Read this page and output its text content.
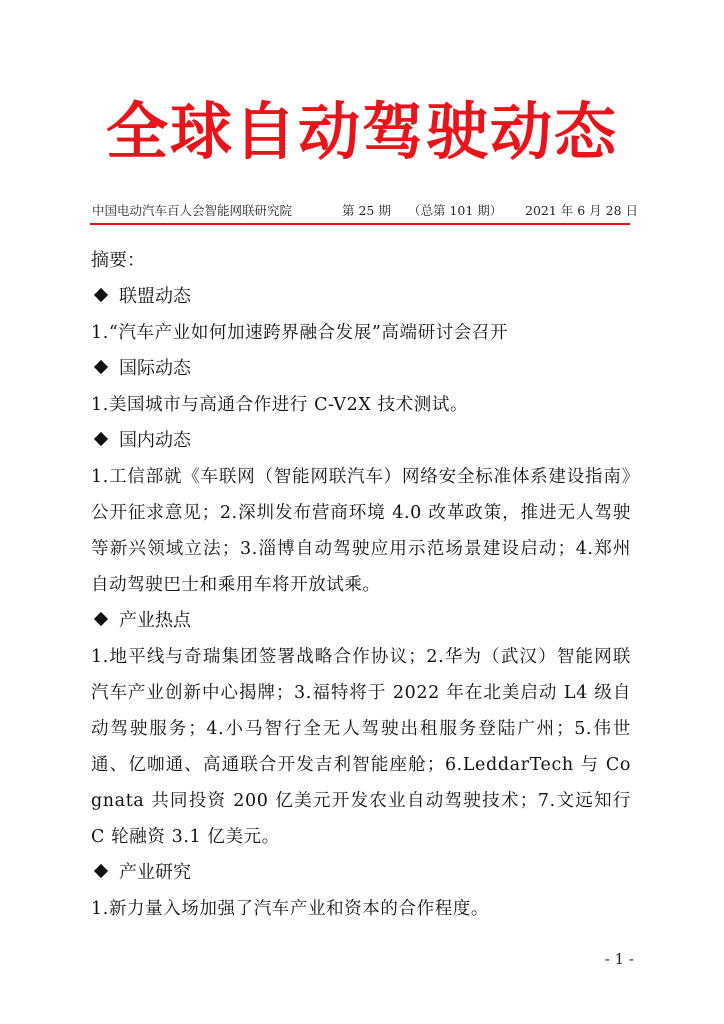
全球自动驾驶动态
中国电动汽车百人会智能网联研究院	第 25 期 （总第 101 期） 2021 年 6 月 28 日

摘要：

联盟动态

1.“汽车产业如何加速跨界融合发展”高端研讨会召开

国际动态

1.美国城市与高通合作进行 C-V2X 技术测试。

国内动态

1.工信部就《车联网（智能网联汽车）网络安全标准体系建设指南》公开征求意见；2.深圳发布营商环境 4.0 改革政策，推进无人驾驶等新兴领域立法；3.淄博自动驾驶应用示范场景建设启动；4.郑州自动驾驶巴士和乘用车将开放试乘。

产业热点

1.地平线与奇瑞集团签署战略合作协议；2.华为（武汉）智能网联汽车产业创新中心揭牌；3.福特将于 2022 年在北美启动 L4 级自动驾驶服务；4.小马智行全无人驾驶出租服务登陆广州；5.伟世通、亿咖通、高通联合开发吉利智能座舱；6.LeddarTech 与 Cognata 共同投资 200 亿美元开发农业自动驾驶技术；7.文远知行 C 轮融资 3.1 亿美元。

产业研究

1.新力量入场加强了汽车产业和资本的合作程度。

- 1 -
